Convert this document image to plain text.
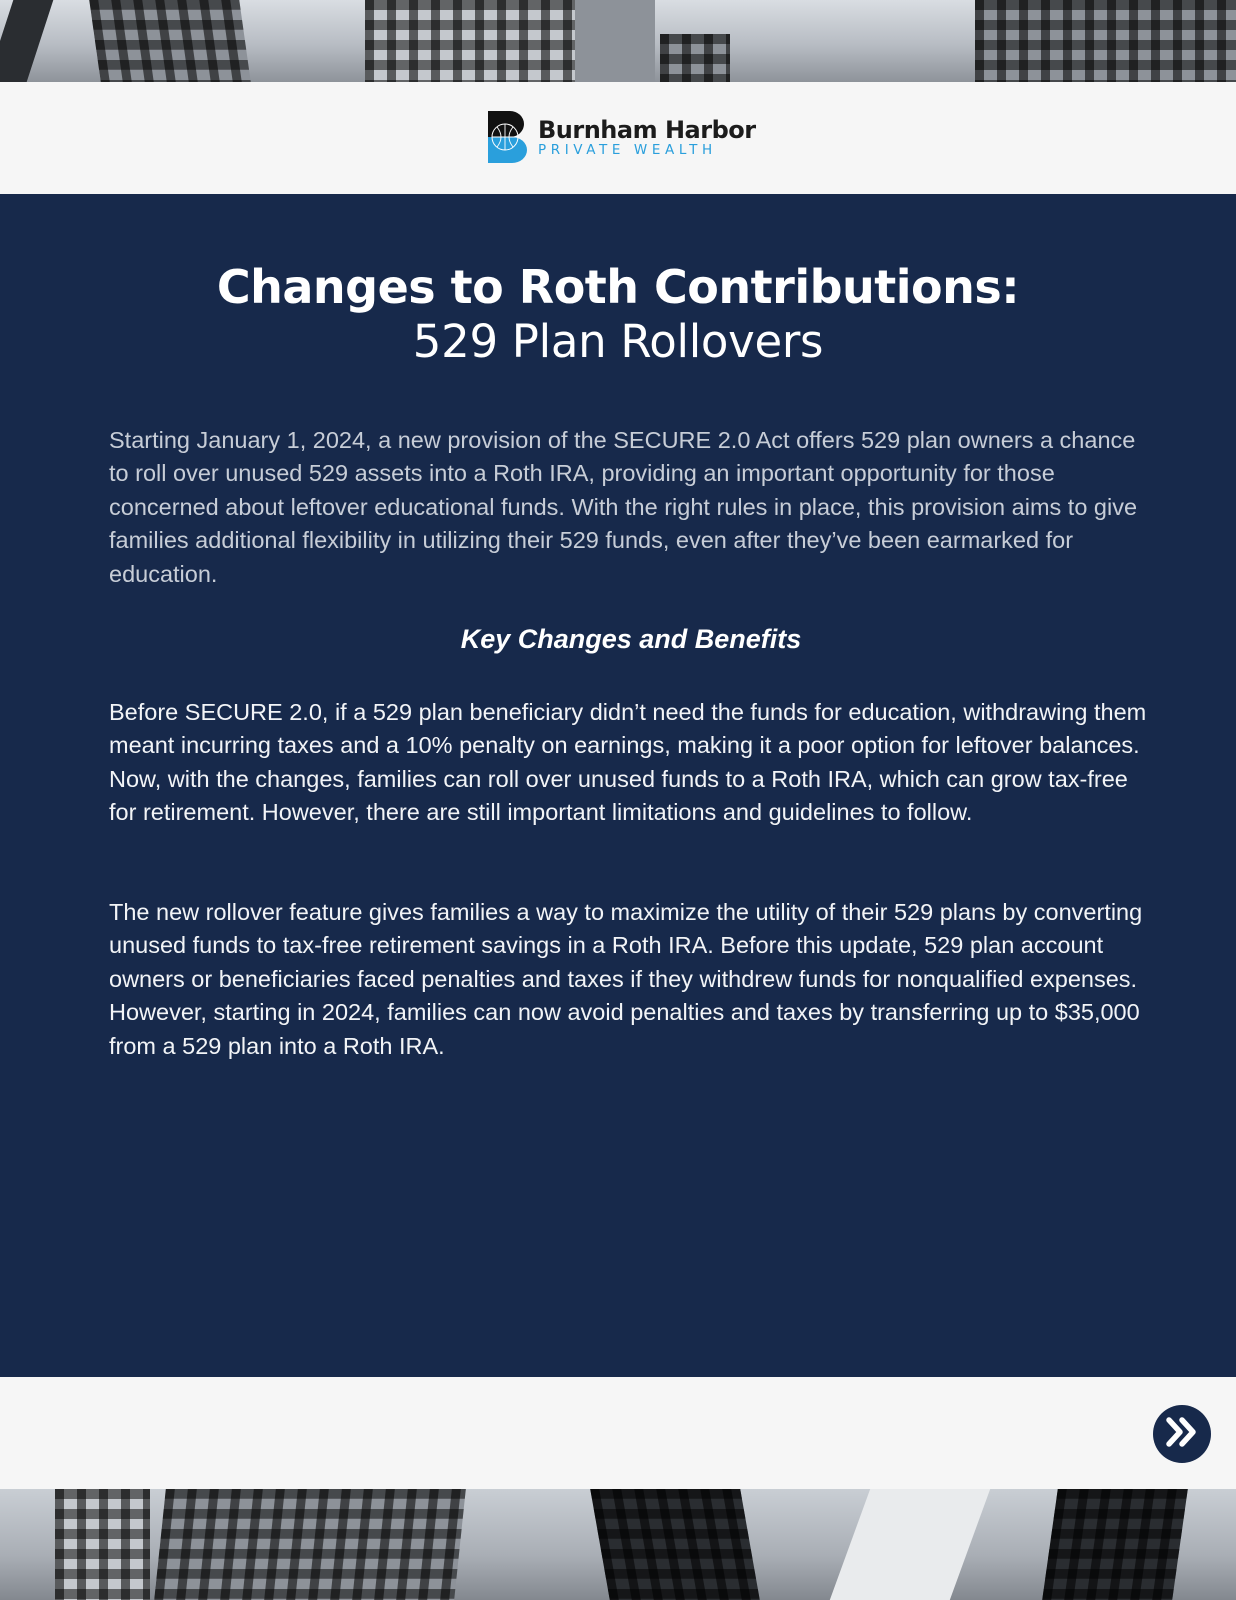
Burnham Harbor
PRIVATE WEALTH
Changes to Roth Contributions:
529 Plan Rollovers

Starting January 1, 2024, a new provision of the SECURE 2.0 Act offers 529 plan owners a chance to roll over unused 529 assets into a Roth IRA, providing an important opportunity for those concerned about leftover educational funds. With the right rules in place, this provision aims to give families additional flexibility in utilizing their 529 funds, even after they’ve been earmarked for education.

Key Changes and Benefits

Before SECURE 2.0, if a 529 plan beneficiary didn’t need the funds for education, withdrawing them meant incurring taxes and a 10% penalty on earnings, making it a poor option for leftover balances. Now, with the changes, families can roll over unused funds to a Roth IRA, which can grow tax-free for retirement. However, there are still important limitations and guidelines to follow.

The new rollover feature gives families a way to maximize the utility of their 529 plans by converting unused funds to tax-free retirement savings in a Roth IRA. Before this update, 529 plan account owners or beneficiaries faced penalties and taxes if they withdrew funds for nonqualified expenses. However, starting in 2024, families can now avoid penalties and taxes by transferring up to $35,000 from a 529 plan into a Roth IRA.
